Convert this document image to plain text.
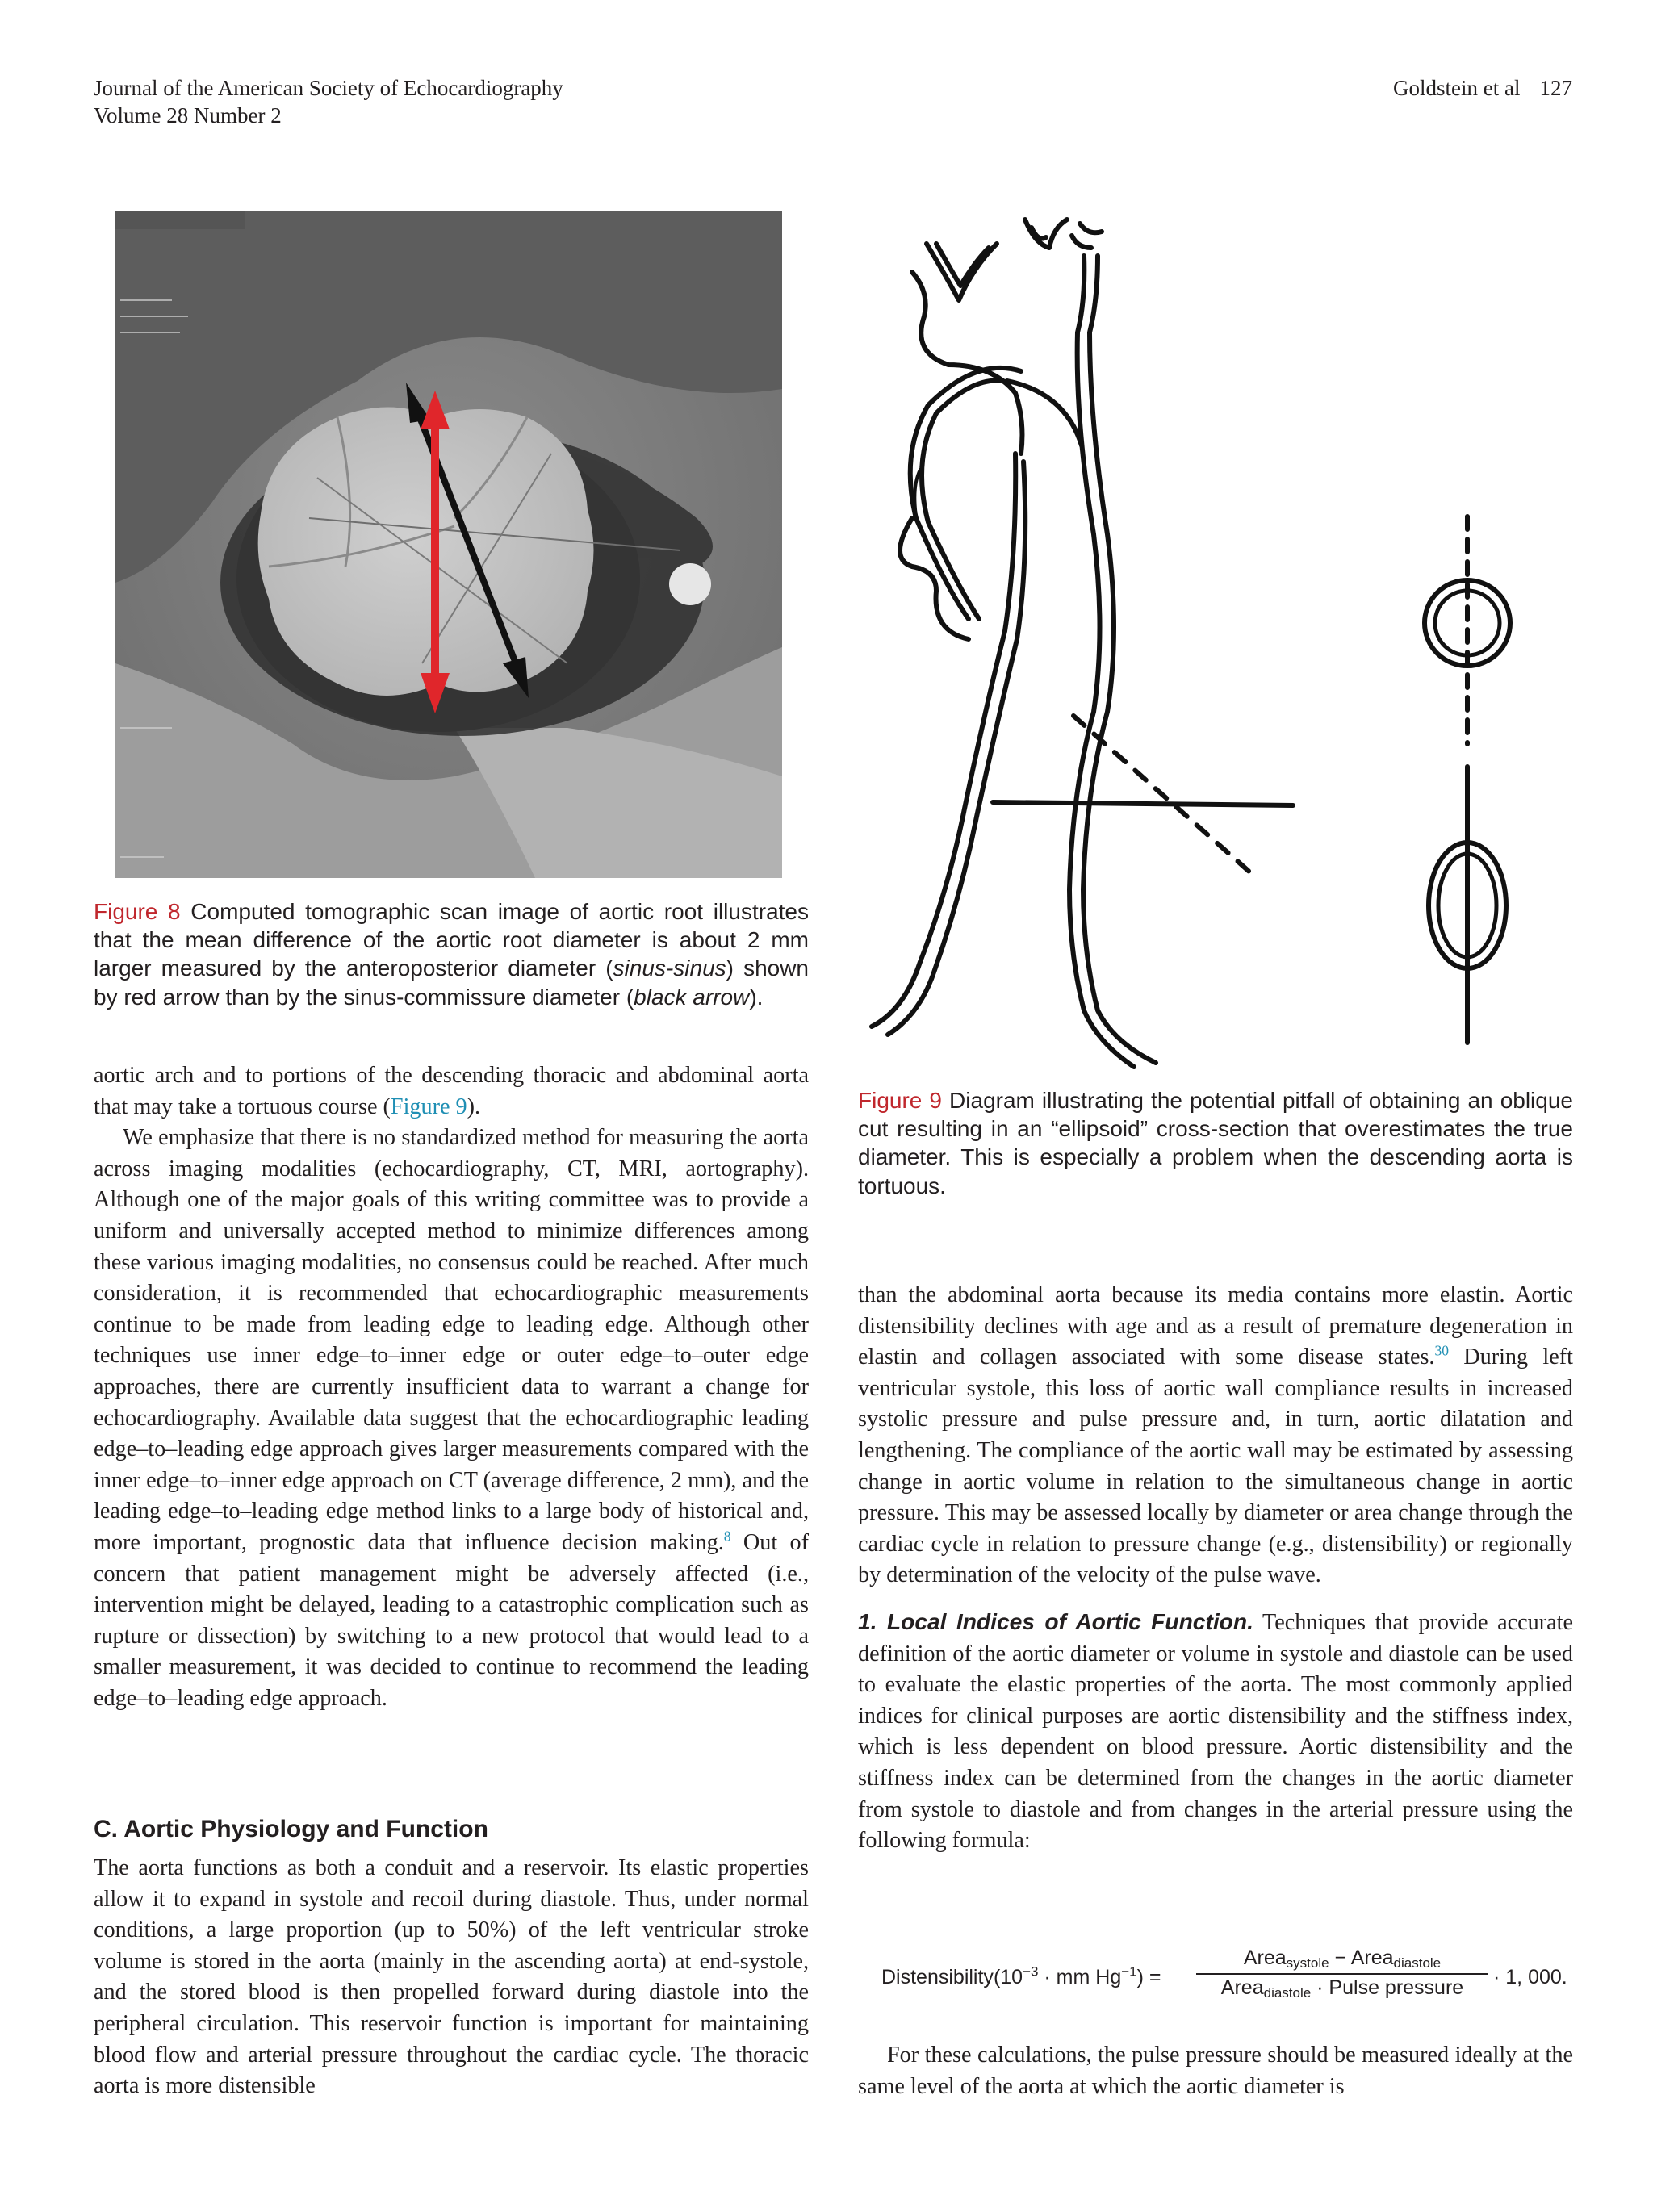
Journal of the American Society of Echocardiography
Volume 28 Number 2
Goldstein et al 127
Figure 8 Computed tomographic scan image of aortic root illustrates that the mean difference of the aortic root diameter is about 2 mm larger measured by the anteroposterior diameter (sinus-sinus) shown by red arrow than by the sinus-commissure diameter (black arrow).
Figure 9 Diagram illustrating the potential pitfall of obtaining an oblique cut resulting in an “ellipsoid” cross-section that overestimates the true diameter. This is especially a problem when the descending aorta is tortuous.

aortic arch and to portions of the descending thoracic and abdominal aorta that may take a tortuous course (Figure 9).

We emphasize that there is no standardized method for measuring the aorta across imaging modalities (echocardiography, CT, MRI, aortography). Although one of the major goals of this writing committee was to provide a uniform and universally accepted method to minimize differences among these various imaging modalities, no consensus could be reached. After much consideration, it is recommended that echocardiographic measurements continue to be made from leading edge to leading edge. Although other techniques use inner edge–to–inner edge or outer edge–to–outer edge approaches, there are currently insufficient data to warrant a change for echocardiography. Available data suggest that the echocardiographic leading edge–to–leading edge approach gives larger measurements compared with the inner edge–to–inner edge approach on CT (average difference, 2 mm), and the leading edge–to–leading edge method links to a large body of historical and, more important, prognostic data that influence decision making.$^8$ Out of concern that patient management might be adversely affected (i.e., intervention might be delayed, leading to a catastrophic complication such as rupture or dissection) by switching to a new protocol that would lead to a smaller measurement, it was decided to continue to recommend the leading edge–to–leading edge approach.

C. Aortic Physiology and Function

The aorta functions as both a conduit and a reservoir. Its elastic properties allow it to expand in systole and recoil during diastole. Thus, under normal conditions, a large proportion (up to 50%) of the left ventricular stroke volume is stored in the aorta (mainly in the ascending aorta) at end-systole, and the stored blood is then propelled forward during diastole into the peripheral circulation. This reservoir function is important for maintaining blood flow and arterial pressure throughout the cardiac cycle. The thoracic aorta is more distensible

than the abdominal aorta because its media contains more elastin. Aortic distensibility declines with age and as a result of premature degeneration in elastin and collagen associated with some disease states.$^{30}$ During left ventricular systole, this loss of aortic wall compliance results in increased systolic pressure and pulse pressure and, in turn, aortic dilatation and lengthening. The compliance of the aortic wall may be estimated by assessing change in aortic volume in relation to the simultaneous change in aortic pressure. This may be assessed locally by diameter or area change through the cardiac cycle in relation to pressure change (e.g., distensibility) or regionally by determination of the velocity of the pulse wave.

1. Local Indices of Aortic Function. Techniques that provide accurate definition of the aortic diameter or volume in systole and diastole can be used to evaluate the elastic properties of the aorta. The most commonly applied indices for clinical purposes are aortic distensibility and the stiffness index, which is less dependent on blood pressure. Aortic distensibility and the stiffness index can be determined from the changes in the aortic diameter from systole to diastole and from changes in the arterial pressure using the following formula:

$Distensibility(10^{-3}$ · mm $Hg^{-1}$) =
Area$_{systole}$ − Area$_{diastole}$
Area$_{diastole}$ · Pulse pressure	· 1, 000.

For these calculations, the pulse pressure should be measured ideally at the same level of the aorta at which the aortic diameter is
